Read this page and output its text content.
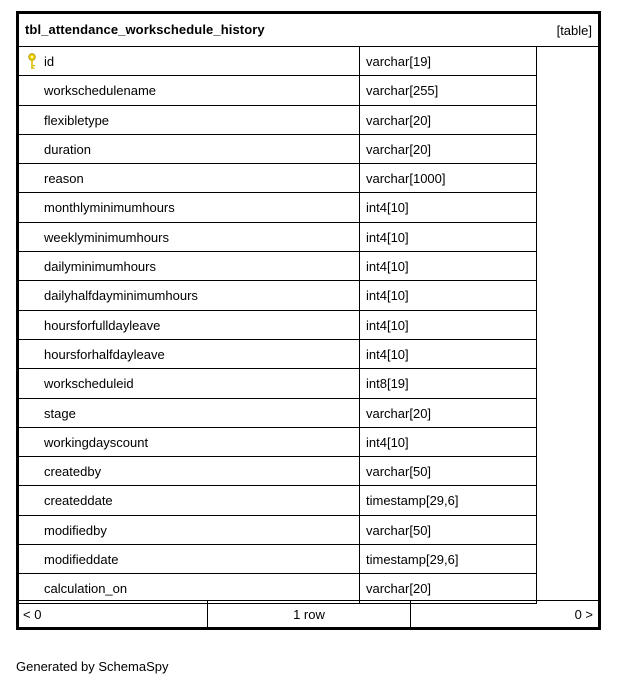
tbl_attendance_workschedule_history	[table]
id	varchar[19]
workschedulename	varchar[255]
flexibletype	varchar[20]
duration	varchar[20]
reason	varchar[1000]
monthlyminimumhours	int4[10]
weeklyminimumhours	int4[10]
dailyminimumhours	int4[10]
dailyhalfdayminimumhours	int4[10]
hoursforfulldayleave	int4[10]
hoursforhalfdayleave	int4[10]
workscheduleid	int8[19]
stage	varchar[20]
workingdayscount	int4[10]
createdby	varchar[50]
createddate	timestamp[29,6]
modifiedby	varchar[50]
modifieddate	timestamp[29,6]
calculation_on	varchar[20]
< 0	1 row	0 >
Generated by SchemaSpy
